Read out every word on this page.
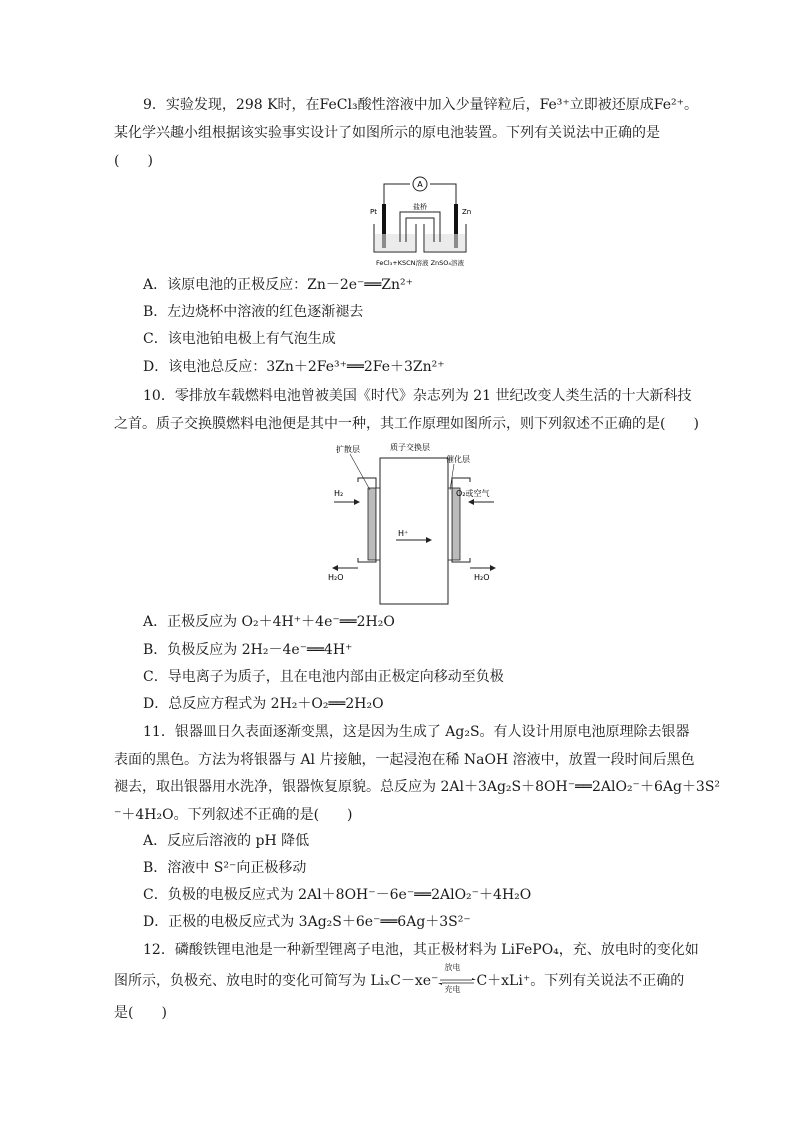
9．实验发现，298 K时，在FeCl₃酸性溶液中加入少量锌粒后，Fe³⁺立即被还原成Fe²⁺。
某化学兴趣小组根据该实验事实设计了如图所示的原电池装置。下列有关说法中正确的是
(　　)
A
Pt	Zn
盐桥
FeCl₃+KSCN溶液 ZnSO₄溶液
A．该原电池的正极反应：Zn－2e⁻══Zn²⁺
B．左边烧杯中溶液的红色逐渐褪去
C．该电池铂电极上有气泡生成
D．该电池总反应：3Zn＋2Fe³⁺══2Fe＋3Zn²⁺
10．零排放车载燃料电池曾被美国《时代》杂志列为 21 世纪改变人类生活的十大新科技
之首。质子交换膜燃料电池便是其中一种，其工作原理如图所示，则下列叙述不正确的是(　　)
H⁺
扩散层	质子交换层
催化层
H₂	O₂或空气
H₂O	H₂O
A．正极反应为 O₂＋4H⁺＋4e⁻══2H₂O
B．负极反应为 2H₂－4e⁻══4H⁺
C．导电离子为质子，且在电池内部由正极定向移动至负极
D．总反应方程式为 2H₂＋O₂══2H₂O
11．银器皿日久表面逐渐变黑，这是因为生成了 Ag₂S。有人设计用原电池原理除去银器
表面的黑色。方法为将银器与 Al 片接触，一起浸泡在稀 NaOH 溶液中，放置一段时间后黑色
褪去，取出银器用水洗净，银器恢复原貌。总反应为 2Al＋3Ag₂S＋8OH⁻══2AlO₂⁻＋6Ag＋3S²
⁻＋4H₂O。下列叙述不正确的是(　　)
A．反应后溶液的 pH 降低
B．溶液中 S²⁻向正极移动
C．负极的电极反应式为 2Al＋8OH⁻－6e⁻══2AlO₂⁻＋4H₂O
D．正极的电极反应式为 3Ag₂S＋6e⁻══6Ag＋3S²⁻
12．磷酸铁锂电池是一种新型锂离子电池，其正极材料为 LiFePO₄，充、放电时的变化如
图所示，负极充、放电时的变化可简写为 LiₓC－xe⁻
放电
充电
C＋xLi⁺。下列有关说法不正确的
是(　　)
